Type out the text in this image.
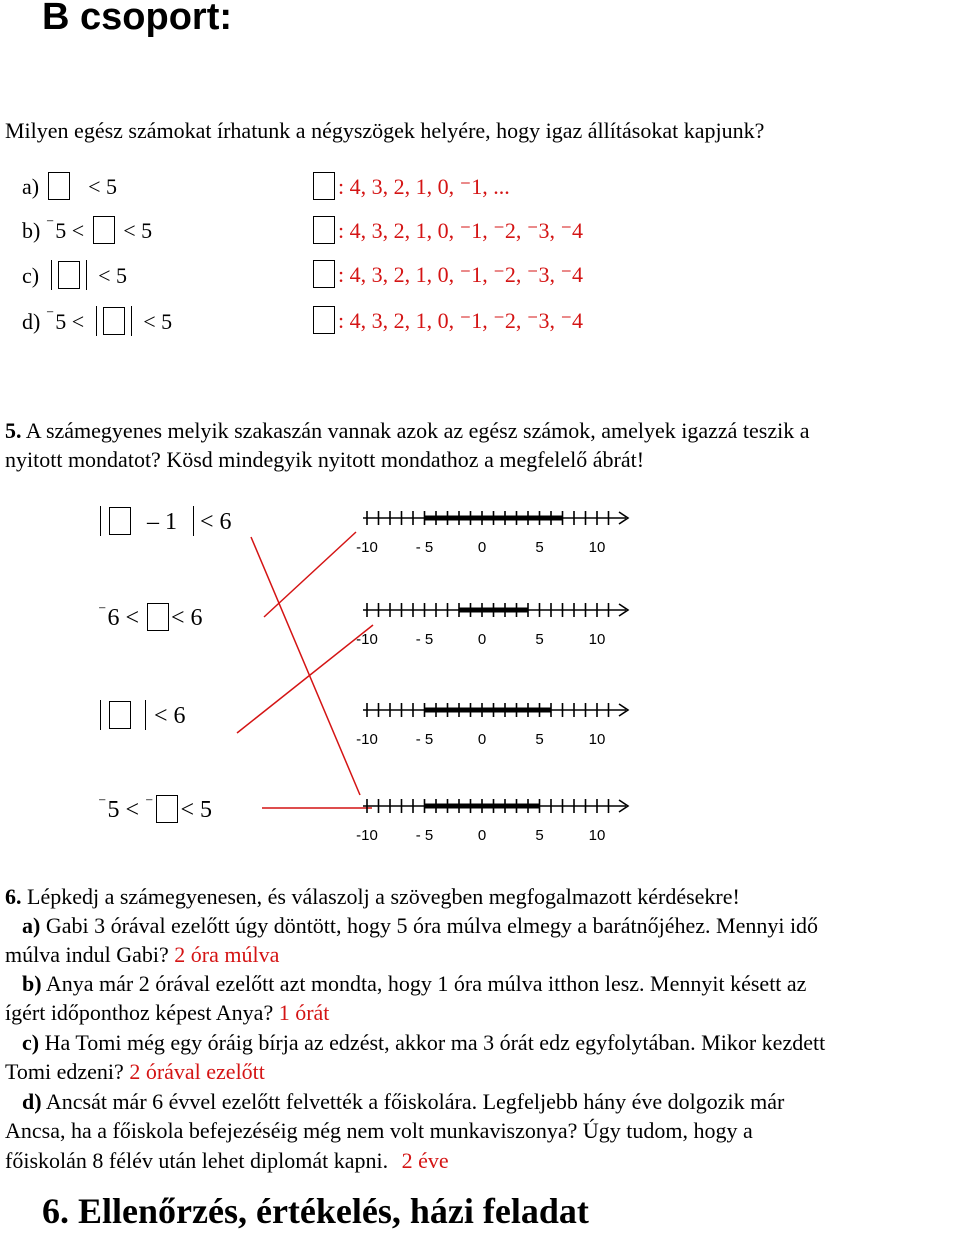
B csoport:
Milyen egész számokat írhatunk a négyszögek helyére, hogy igaz állításokat kapjunk?
a) < 5	: 4, 3, 2, 1, 0, ⁻1, ...
b) ⁻5 < < 5	: 4, 3, 2, 1, 0, ⁻1, ⁻2, ⁻3, ⁻4
c)	< 5	: 4, 3, 2, 1, 0, ⁻1, ⁻2, ⁻3, ⁻4
d) ⁻5 <	< 5	: 4, 3, 2, 1, 0, ⁻1, ⁻2, ⁻3, ⁻4
5. A számegyenes melyik szakaszán vannak azok az egész számok, amelyek igazzá teszik a
nyitott mondatot? Kösd mindegyik nyitott mondathoz a megfelelő ábrát!
– 1 < 6
⁻6 < < 6
< 6
⁻5 < ⁻ < 5
-10	- 5	0	5	10
-10	- 5	0	5	10
-10	- 5	0	5	10
-10	- 5	0	5	10
6. Lépkedj a számegyenesen, és válaszolj a szövegben megfogalmazott kérdésekre!
a) Gabi 3 órával ezelőtt úgy döntött, hogy 5 óra múlva elmegy a barátnőjéhez. Mennyi idő
múlva indul Gabi? 2 óra múlva
b) Anya már 2 órával ezelőtt azt mondta, hogy 1 óra múlva itthon lesz. Mennyit késett az
ígért időponthoz képest Anya? 1 órát
c) Ha Tomi még egy óráig bírja az edzést, akkor ma 3 órát edz egyfolytában. Mikor kezdett
Tomi edzeni? 2 órával ezelőtt
d) Ancsát már 6 évvel ezelőtt felvették a főiskolára. Legfeljebb hány éve dolgozik már
Ancsa, ha a főiskola befejezéséig még nem volt munkaviszonya? Úgy tudom, hogy a
főiskolán 8 félév után lehet diplomát kapni. 2 éve
6. Ellenőrzés, értékelés, házi feladat
